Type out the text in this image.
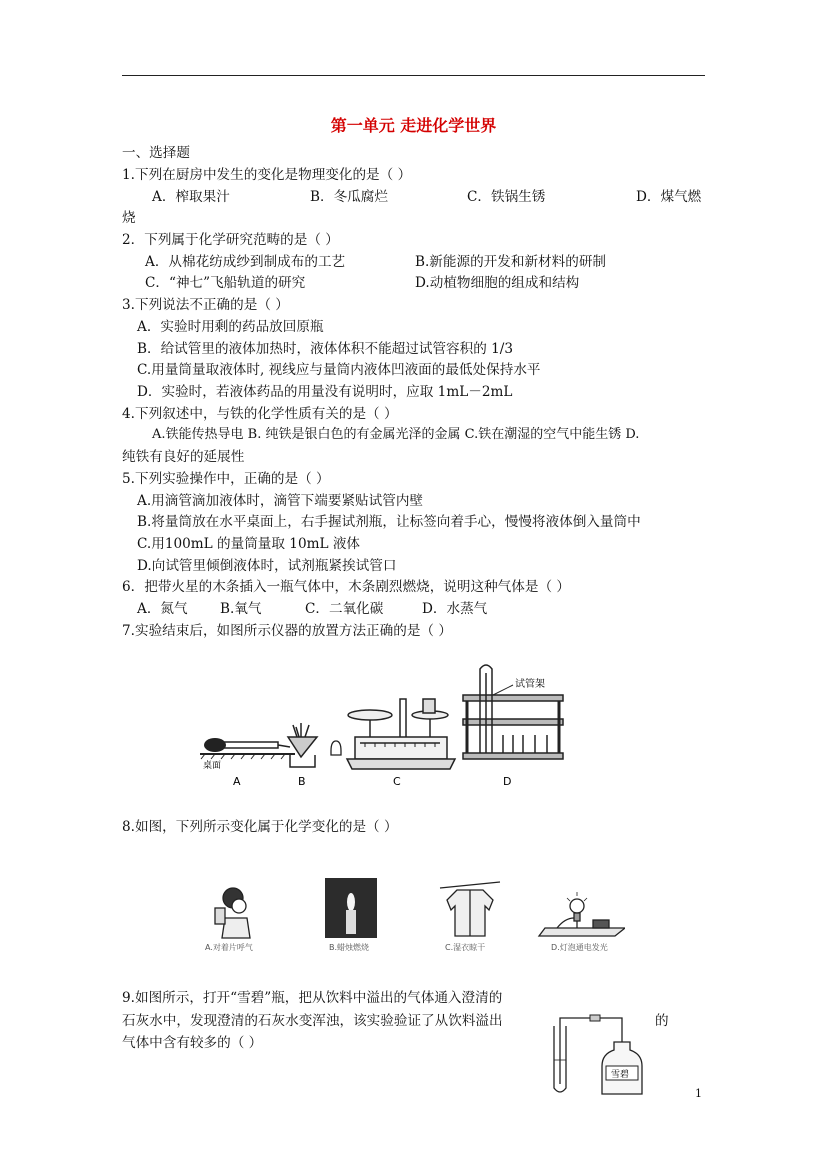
第一单元 走进化学世界
一、选择题
1.下列在厨房中发生的变化是物理变化的是（ ）
A．榨取果汁	B．冬瓜腐烂	C．铁锅生锈	D．煤气燃
烧
2．下列属于化学研究范畴的是（ ）
A．从棉花纺成纱到制成布的工艺	B.新能源的开发和新材料的研制
C．“神七”飞船轨道的研究	D.动植物细胞的组成和结构
3.下列说法不正确的是（ ）
A．实验时用剩的药品放回原瓶
B．给试管里的液体加热时，液体体积不能超过试管容积的 1/3
C.用量筒量取液体时, 视线应与量筒内液体凹液面的最低处保持水平
D．实验时，若液体药品的用量没有说明时，应取 1mL－2mL
4.下列叙述中，与铁的化学性质有关的是（ ）
A.铁能传热导电 B. 纯铁是银白色的有金属光泽的金属 C.铁在潮湿的空气中能生锈 D.
纯铁有良好的延展性
5.下列实验操作中，正确的是（ ）
A.用滴管滴加液体时，滴管下端要紧贴试管内壁
B.将量筒放在水平桌面上，右手握试剂瓶，让标签向着手心，慢慢将液体倒入量筒中
C.用100mL 的量筒量取 10mL 液体
D.向试管里倾倒液体时，试剂瓶紧挨试管口
6．把带火星的木条插入一瓶气体中，木条剧烈燃烧，说明这种气体是（ ）
A．氮气 B.氧气	C．二氧化碳	D．水蒸气
7.实验结束后，如图所示仪器的放置方法正确的是（ ）
桌面
A	B	C
试管架
D
8.如图，下列所示变化属于化学变化的是（ ）
A.对着片呼气	B.蜡烛燃烧	C.湿衣晾干	D.灯泡通电发光
9.如图所示，打开“雪碧”瓶，把从饮料中溢出的气体通入澄清的
石灰水中，发现澄清的石灰水变浑浊，该实验验证了从饮料溢出	的
气体中含有较多的（ ）
雪碧
1
